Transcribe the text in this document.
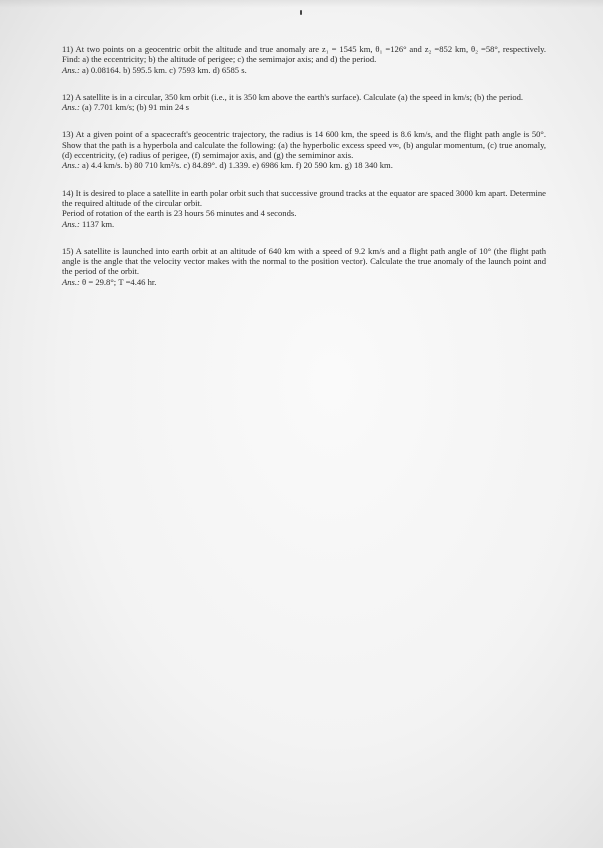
11) At two points on a geocentric orbit the altitude and true anomaly are z₁ = 1545 km, θ₁ =126° and z₂ =852 km, θ₂ =58°, respectively. Find: a) the eccentricity; b) the altitude of perigee; c) the semimajor axis; and d) the period.

Ans.: a) 0.08164. b) 595.5 km. c) 7593 km. d) 6585 s.

12) A satellite is in a circular, 350 km orbit (i.e., it is 350 km above the earth's surface). Calculate (a) the speed in km/s; (b) the period.

Ans.: (a) 7.701 km/s; (b) 91 min 24 s

13) At a given point of a spacecraft's geocentric trajectory, the radius is 14 600 km, the speed is 8.6 km/s, and the flight path angle is 50°. Show that the path is a hyperbola and calculate the following: (a) the hyperbolic excess speed v∞, (b) angular momentum, (c) true anomaly, (d) eccentricity, (e) radius of perigee, (f) semimajor axis, and (g) the semiminor axis.

Ans.: a) 4.4 km/s. b) 80 710 km²/s. c) 84.89°. d) 1.339. e) 6986 km. f) 20 590 km. g) 18 340 km.

14) It is desired to place a satellite in earth polar orbit such that successive ground tracks at the equator are spaced 3000 km apart. Determine the required altitude of the circular orbit.

Period of rotation of the earth is 23 hours 56 minutes and 4 seconds.

Ans.: 1137 km.

15) A satellite is launched into earth orbit at an altitude of 640 km with a speed of 9.2 km/s and a flight path angle of 10° (the flight path angle is the angle that the velocity vector makes with the normal to the position vector). Calculate the true anomaly of the launch point and the period of the orbit.

Ans.: θ = 29.8°; T =4.46 hr.
